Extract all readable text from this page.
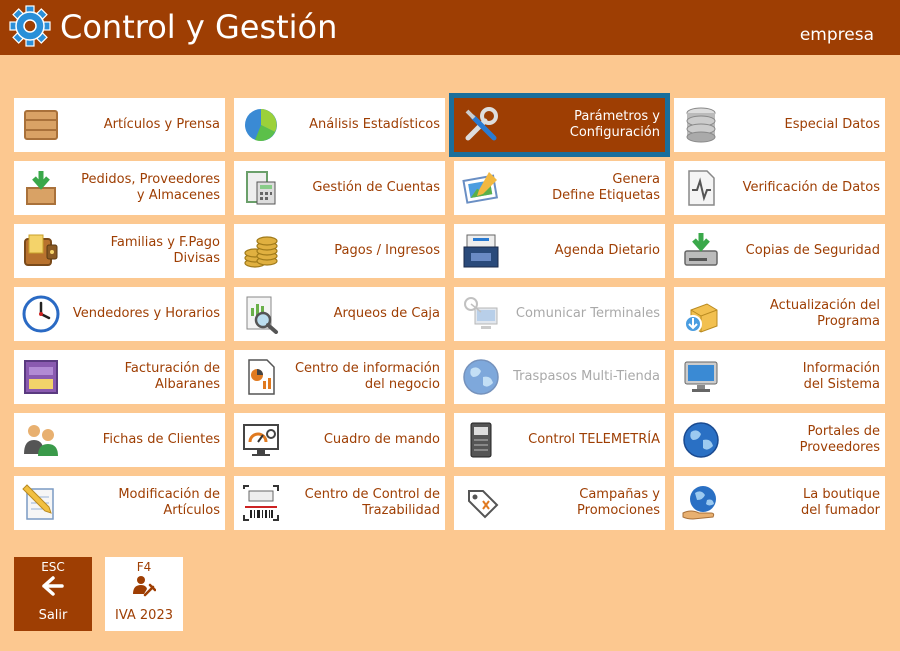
Control y Gestión	empresa
Artículos y Prensa	Análisis Estadísticos
Parámetros y
Configuración
Especial Datos
Pedidos, Proveedores
y Almacenes
Gestión de Cuentas
Genera
Define Etiquetas
Verificación de Datos
Familias y F.Pago
Divisas
Pagos / Ingresos	Agenda Dietario	Copias de Seguridad
Vendedores y Horarios	Arqueos de Caja	Comunicar Terminales
Actualización del
Programa
Facturación de
Albaranes
Centro de información
del negocio
Traspasos Multi-Tienda
Información
del Sistema
Fichas de Clientes	Cuadro de mando	Control TELEMETRÍA
Portales de
Proveedores
Modificación de
Artículos
Centro de Control de
Trazabilidad
Campañas y
Promociones
La boutique
del fumador
ESC
Salir
F4
IVA 2023
